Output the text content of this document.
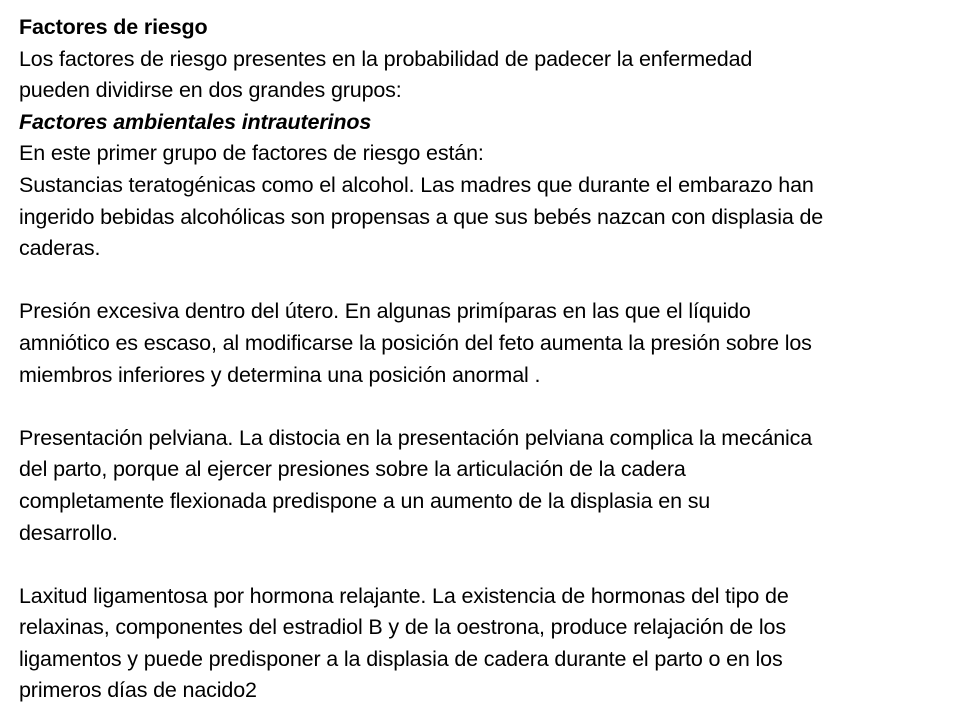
Factores de riesgo
Los factores de riesgo presentes en la probabilidad de padecer la enfermedad
pueden dividirse en dos grandes grupos:
Factores ambientales intrauterinos
En este primer grupo de factores de riesgo están:
Sustancias teratogénicas como el alcohol. Las madres que durante el embarazo han
ingerido bebidas alcohólicas son propensas a que sus bebés nazcan con displasia de
caderas.
Presión excesiva dentro del útero. En algunas primíparas en las que el líquido
amniótico es escaso, al modificarse la posición del feto aumenta la presión sobre los
miembros inferiores y determina una posición anormal .
Presentación pelviana. La distocia en la presentación pelviana complica la mecánica
del parto, porque al ejercer presiones sobre la articulación de la cadera
completamente flexionada predispone a un aumento de la displasia en su
desarrollo.
Laxitud ligamentosa por hormona relajante. La existencia de hormonas del tipo de
relaxinas, componentes del estradiol B y de la oestrona, produce relajación de los
ligamentos y puede predisponer a la displasia de cadera durante el parto o en los
primeros días de nacido2
